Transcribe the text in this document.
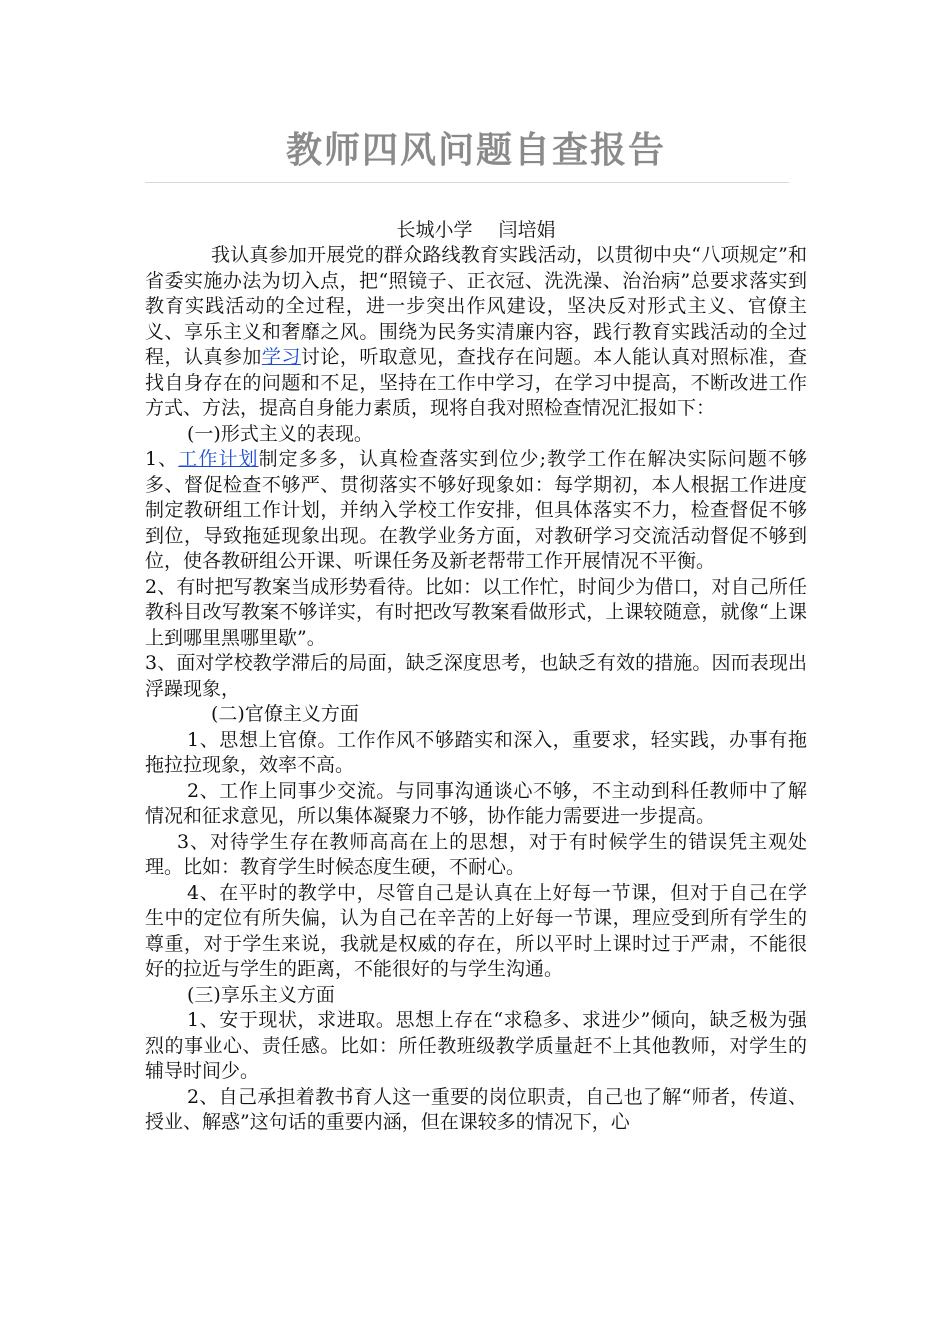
教师四风问题自查报告
长城小学 闫培娟

我认真参加开展党的群众路线教育实践活动，以贯彻中央“八项规定”和省委实施办法为切入点，把“照镜子、正衣冠、洗洗澡、治治病”总要求落实到教育实践活动的全过程，进一步突出作风建设，坚决反对形式主义、官僚主义、享乐主义和奢靡之风。围绕为民务实清廉内容，践行教育实践活动的全过程，认真参加学习讨论，听取意见，查找存在问题。本人能认真对照标准，查找自身存在的问题和不足，坚持在工作中学习，在学习中提高，不断改进工作方式、方法，提高自身能力素质，现将自我对照检查情况汇报如下：

(一)形式主义的表现。

1、工作计划制定多多，认真检查落实到位少;教学工作在解决实际问题不够多、督促检查不够严、贯彻落实不够好现象如：每学期初，本人根据工作进度制定教研组工作计划，并纳入学校工作安排，但具体落实不力，检查督促不够到位，导致拖延现象出现。在教学业务方面，对教研学习交流活动督促不够到位，使各教研组公开课、听课任务及新老帮带工作开展情况不平衡。

2、有时把写教案当成形势看待。比如：以工作忙，时间少为借口，对自己所任教科目改写教案不够详实，有时把改写教案看做形式，上课较随意，就像“上课上到哪里黑哪里歇”。

3、面对学校教学滞后的局面，缺乏深度思考，也缺乏有效的措施。因而表现出浮躁现象，

(二)官僚主义方面

1、思想上官僚。工作作风不够踏实和深入，重要求，轻实践，办事有拖拖拉拉现象，效率不高。

2、工作上同事少交流。与同事沟通谈心不够，不主动到科任教师中了解情况和征求意见，所以集体凝聚力不够，协作能力需要进一步提高。

3、对待学生存在教师高高在上的思想，对于有时候学生的错误凭主观处理。比如：教育学生时候态度生硬，不耐心。

4、在平时的教学中，尽管自己是认真在上好每一节课，但对于自己在学生中的定位有所失偏，认为自己在辛苦的上好每一节课，理应受到所有学生的尊重，对于学生来说，我就是权威的存在，所以平时上课时过于严肃，不能很好的拉近与学生的距离，不能很好的与学生沟通。

(三)享乐主义方面

1、安于现状，求进取。思想上存在“求稳多、求进少”倾向，缺乏极为强烈的事业心、责任感。比如：所任教班级教学质量赶不上其他教师，对学生的辅导时间少。

2、自己承担着教书育人这一重要的岗位职责，自己也了解“师者，传道、授业、解惑”这句话的重要内涵，但在课较多的情况下，心
